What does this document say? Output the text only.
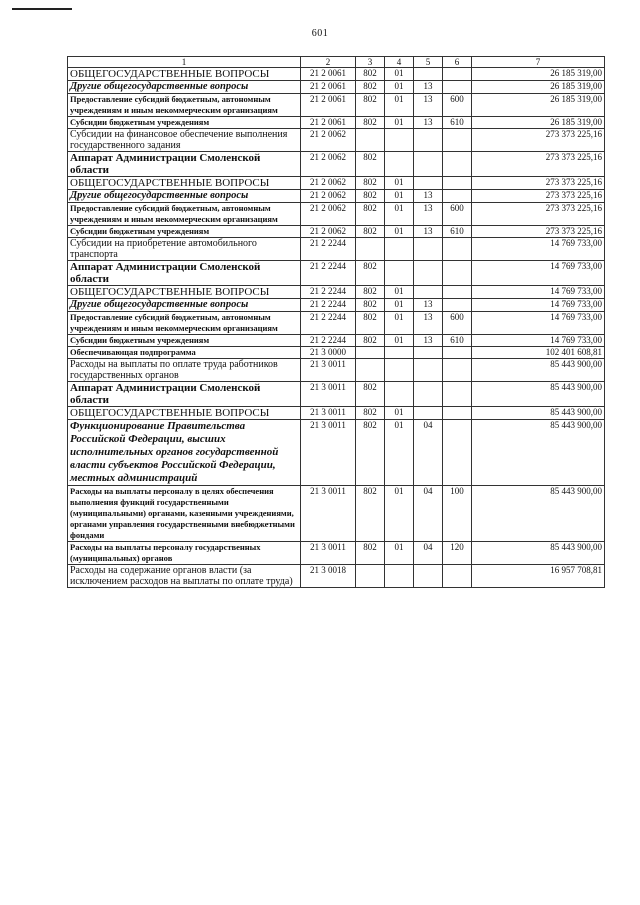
601
1	2	3	4	5	6	7
ОБЩЕГОСУДАРСТВЕННЫЕ ВОПРОСЫ	21 2 0061	802	01			26 185 319,00
Другие общегосударственные вопросы	21 2 0061	802	01	13		26 185 319,00
Предоставление субсидий бюджетным, автономным учреждениям и иным некоммерческим организациям	21 2 0061	802	01	13	600	26 185 319,00
Субсидии бюджетным учреждениям	21 2 0061	802	01	13	610	26 185 319,00
Субсидии на финансовое обеспечение выполнения государственного задания	21 2 0062					273 373 225,16
Аппарат Администрации Смоленской области	21 2 0062	802				273 373 225,16
ОБЩЕГОСУДАРСТВЕННЫЕ ВОПРОСЫ	21 2 0062	802	01			273 373 225,16
Другие общегосударственные вопросы	21 2 0062	802	01	13		273 373 225,16
Предоставление субсидий бюджетным, автономным учреждениям и иным некоммерческим организациям	21 2 0062	802	01	13	600	273 373 225,16
Субсидии бюджетным учреждениям	21 2 0062	802	01	13	610	273 373 225,16
Субсидии на приобретение автомобильного транспорта	21 2 2244					14 769 733,00
Аппарат Администрации Смоленской области	21 2 2244	802				14 769 733,00
ОБЩЕГОСУДАРСТВЕННЫЕ ВОПРОСЫ	21 2 2244	802	01			14 769 733,00
Другие общегосударственные вопросы	21 2 2244	802	01	13		14 769 733,00
Предоставление субсидий бюджетным, автономным учреждениям и иным некоммерческим организациям	21 2 2244	802	01	13	600	14 769 733,00
Субсидии бюджетным учреждениям	21 2 2244	802	01	13	610	14 769 733,00
Обеспечивающая подпрограмма	21 3 0000					102 401 608,81
Расходы на выплаты по оплате труда работников государственных органов	21 3 0011					85 443 900,00
Аппарат Администрации Смоленской области	21 3 0011	802				85 443 900,00
ОБЩЕГОСУДАРСТВЕННЫЕ ВОПРОСЫ	21 3 0011	802	01			85 443 900,00
Функционирование Правительства Российской Федерации, высших исполнительных органов государственной власти субъектов Российской Федерации, местных администраций	21 3 0011	802	01	04		85 443 900,00
Расходы на выплаты персоналу в целях обеспечения выполнения функций государственными (муниципальными) органами, казенными учреждениями, органами управления государственными внебюджетными фондами	21 3 0011	802	01	04	100	85 443 900,00
Расходы на выплаты персоналу государственных (муниципальных) органов	21 3 0011	802	01	04	120	85 443 900,00
Расходы на содержание органов власти (за исключением расходов на выплаты по оплате труда)	21 3 0018					16 957 708,81
